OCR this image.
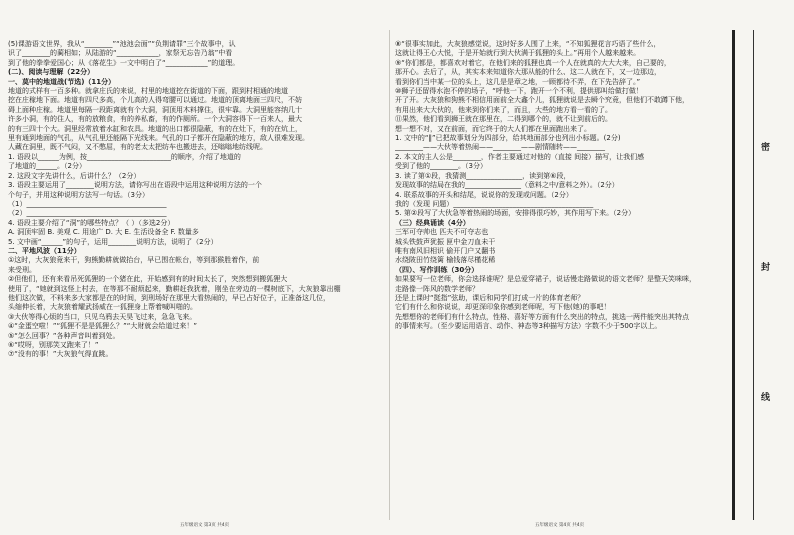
(5)课游语文世界，我从“________”“池池会面”“负荆请罪”三个故事中，认
识了________的蔺相如；从陆游的“____________，家祭无忘告乃翁”中看
到了他的拳拳爱国心；从《落花生》一文中明白了“____________”的道理。
(二)、阅读与理解（22分）
一、莫中的地道战(节选)（11分）
地道的式样有一百多种。就拿庄氏的来说，村里的地道挖在街道的下面，跟到村相通的地道
挖在庄稼地下面。地道有四尺多高，个儿高的人得弯腰可以通过。地道的顶离地面三四尺，不妨
碍上面种庄稼。地道里每隔一段距离就有个大洞，洞顶用木料撑住，很牢靠。大洞里能容纳几十
许多小洞，有的住人，有的放粮食，有的养私畜，有的作厕所。一个大洞容得下一百来人，最大
的有三四十个大。洞里经常放着水缸和农具。地道的出口都很隐蔽，有的在灶下，有的在炕上，
里有通到地面的气孔，从气孔里还能隔下光线来。气孔的口子都开在隐蔽的地方，敌人很难发现。
人藏在洞里，既不气闷，又不憋屈，有的老太太把纺车也搬进去，还嗡嗡地纺线呢。
1. 语段以______为例，按________________________的顺序，介绍了地道的
了地道的______。（2分）
2. 这段文字先讲什么，后讲什么？（2分）
3. 语段主要运用了________说明方法，请你写出在语段中运用这种说明方法的一个
个句子，并用这种说明方法写一句话。（3分）
（1）________________________________________
（2）________________________________________
4. 语段主要介绍了“洞”的哪些特点？（ ）（多选2分）
A. 洞顶牢固 B. 美观 C. 用途广 D. 大 E. 生活设备全 F. 数量多
5. 文中画“______”的句子，运用________说明方法，说明了（2分）
二、平地风波（11分）
①这时，大灰狼竟来干，狗熊勤耕就做抬台，早已围在帐台，等到那猴胜着作，前
来受刑。
②但他们，还有来看吊死狐狸的一个猪在此，开始感到有的时间太长了，突然想到搬狐狸大
使用了，“她就到这怪上村去，在等那不耐烦起来，勤耕赶我犹着，刚坐在旁边的一棵树底下，大灰狼靠出棚
他们这次做，不料来多大家都是在的时间，到刑场好在那里大看热闹的，早已占好位子，正准备这几位，
头缩伸长着，大灰狼着耀武扬威在一狐狸身上帮着喊叫啪的。
③大伙等得心烦的当口，只见乌鸦去天昊飞过来，急急飞来。
④“金蛋空啦！”“狐狸不是是狐狸么？”“大财就会给道过来！”
⑤“怎么回事？”各种声音叫着到处。
⑥“哎呀，别那笑又跑来了！”
⑦“没有的事！”大灰狼气得直跳。
⑧“很事实加此，大灰狼感觉说，这时好多人围了上来，“不知狐狸花言巧语了些什么，
这就让得王心大悦，于是开始就行到大伙满于狐狸的头上。”再用个人越来越来。
⑨“你们都是，都喜欢对着它，在他们来的狐狸也真一个人在就真的大大大来，自己要的，
那开心。去后了，从，其实本来知道你大那从能的什么、这二人就在下，又一边那边，
看到你们当中某一位的头上，这几是是章之地，一顾都待不弄，在下先告辞了。”
⑩狮子还留得水泡不停的场子，“呼他一下，跑开一个不利，提供那叫给做打做！
开了开。大灰狼和狗熊不相信用面前全大鑫个儿，狐狸就说是去瞬个究竟，但他们不敢蹲下他，
有用出来大大伙的，他来到你们来了，而且，大些的地方看一看的了。
⑪果然，他们看到狮王就在那里在，二得到哪个的，就不让到前后的。
想一想不对，又在前面，而它终于的大人们都在里面跑出来了。
1. 文中的“‖”已把故事划分为四部分，给其地面部分也列出小标题。(2分)
________——大伙等着热闹——________——剧情随转——________
2. 本文的主人公是________，作者主要通过对他的（直接 间接）描写，让我们感
受到了他的________。（3分）
3. 读了第①段，我猜测________________，读到第⑥段，
发现故事的结局在我的________________（意料之中/意料之外）。（2分）
4. 联系故事的开头和结尾，说说你的发现或问题。（2分）
我的（发现 问题）________________________________________
5. 第②段写了大伙急等着热闹的场面，安排得很巧妙，其作用写下来。（2分）
（三）经典诵读（4分）
三军可夺帅也 匹夫不可夺志也
城头铁鼓声犹振 匣中金刀血未干
唯有南风旧相识 偷开门户又翻书
水绕陂田竹绕篱 榆钱落尽槿花稀
（四）、写作训练（30分）
如果要写一位老师，你会选择谁呢？是总爱穿裙子，说话慢走路做说的语文老师？是整天笑咪咪，
走路像一阵风的数学老师？
还是上课时“挺指”弦助，课后和同学们打成一片的体育老师？
它们有什么和你说说，却更深印象你感到老师呢，写下他(她)的事吧！
先想想你的老师们有什么特点，性格、喜好等方面有什么突出的特点，挑选一两件能突出其特点
的事情来写。（至少要运用语言、动作、神态等3种描写方法）字数不少于500字以上。
五年级语文 第3页 共4页	五年级语文 第4页 共4页
密
封
线
